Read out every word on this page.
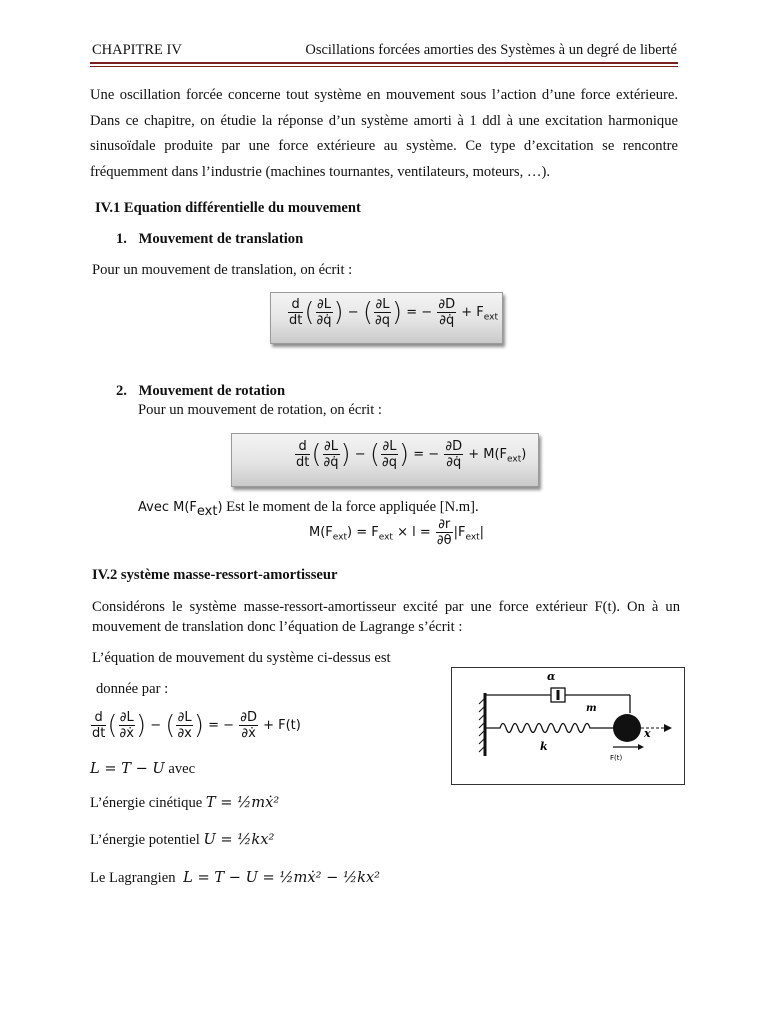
CHAPITRE IV	Oscillations forcées amorties des Systèmes à un degré de liberté
Une oscillation forcée concerne tout système en mouvement sous l’action d’une force extérieure. Dans ce chapitre, on étudie la réponse d’un système amorti à 1 ddl à une excitation harmonique sinusoïdale produite par une force extérieure au système. Ce type d’excitation se rencontre fréquemment dans l’industrie (machines tournantes, ventilateurs, moteurs, …).
IV.1 Equation différentielle du mouvement
1. Mouvement de translation
Pour un mouvement de translation, on écrit :
$\frac{d}{dt}$ ( $\frac{\partial L}{\partial q̇}$ ) − ( $\frac{\partial L}{\partial q}$ ) = − $\frac{\partial D}{\partial q̇} + F_{ext}$
2. Mouvement de rotation
Pour un mouvement de rotation, on écrit :
$\frac{d}{dt}$ ( $\frac{\partial L}{\partial q̇}$ ) − ( $\frac{\partial L}{\partial q}$ ) = − $\frac{\partial D}{\partial q̇} + M(F_{ext})$
Avec $M(F_{ext})$ Est le moment de la force appliquée [N.m].
$M(F_{ext}) = F_{ext} \times l = \frac{\partial r}{\partial\theta} |F_{ext}|$
IV.2 système masse-ressort-amortisseur
Considérons le système masse-ressort-amortisseur excité par une force extérieur F(t). On à un mouvement de translation donc l’équation de Lagrange s’écrit :
L’équation de mouvement du système ci-dessus est
donnée par :
$\frac{d}{dt}$ ( $\frac{\partial L}{\text{∂ẋ}}$ ) − ( $\frac{\partial L}{\partial x}$ ) = − $\frac{\partial D}{\text{∂ẋ}} + F(t)$
L = T − U avec
L’énergie cinétique T = ½mẋ²
L’énergie potentiel U = ½kx²
Le Lagrangien L = T − U = ½mẋ² − ½kx²
α
m
k
x
F(t)
